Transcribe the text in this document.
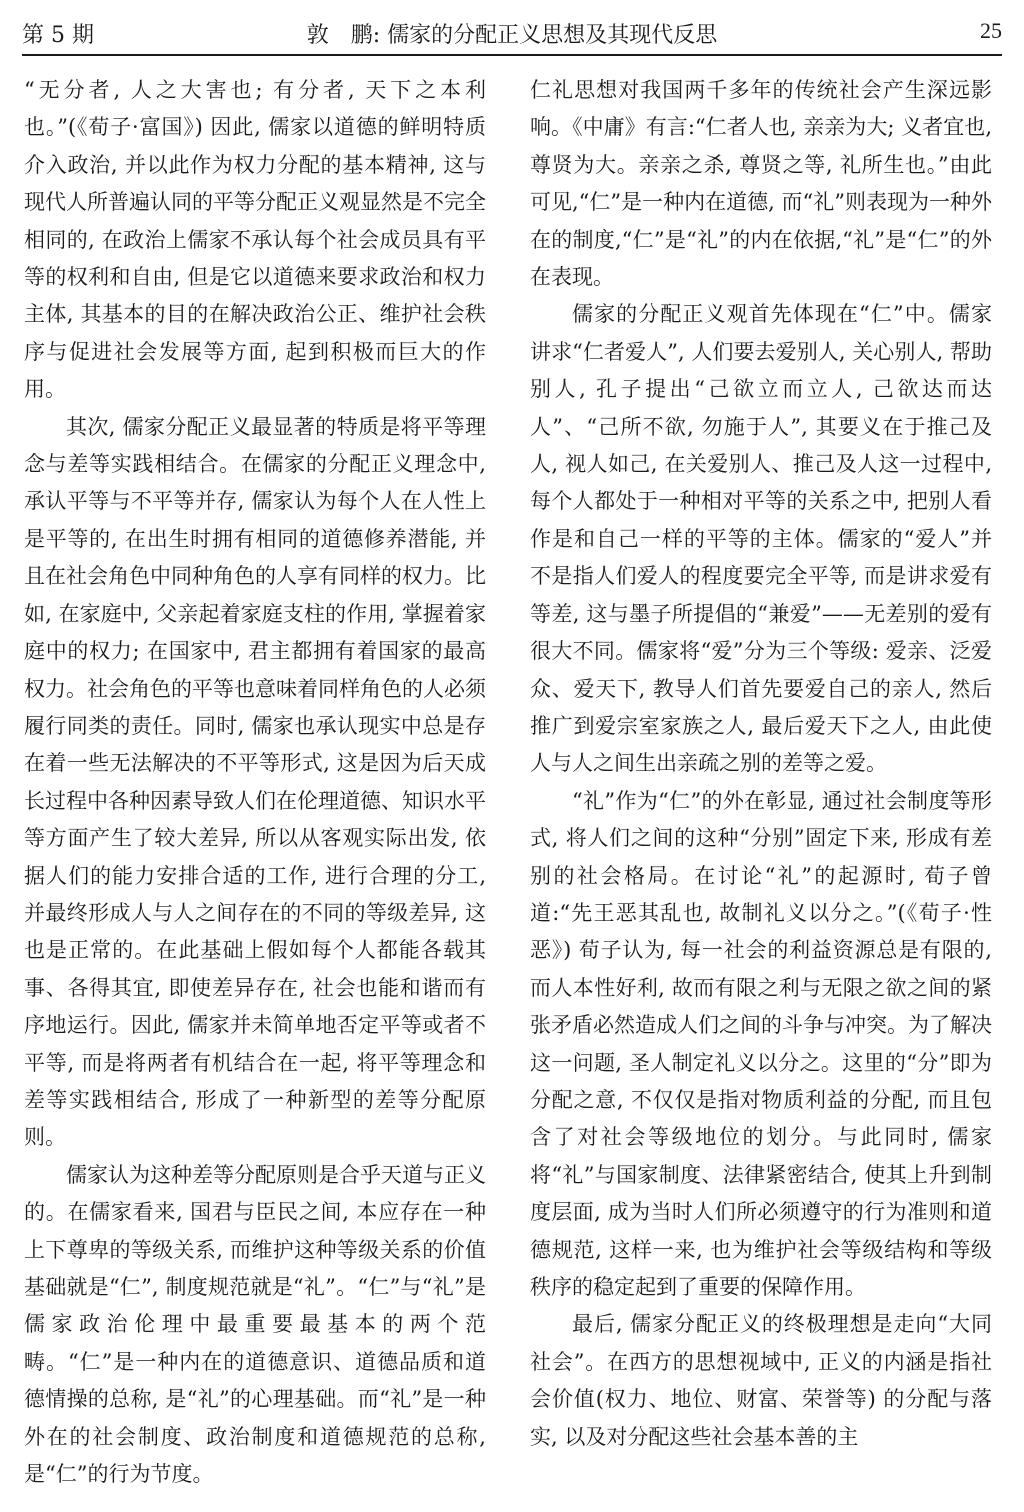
第 5 期	敦　鹏: 儒家的分配正义思想及其现代反思	25

“无分者, 人之大害也; 有分者, 天下之本利也。”(《荀子·富国》) 因此, 儒家以道德的鲜明特质介入政治, 并以此作为权力分配的基本精神, 这与现代人所普遍认同的平等分配正义观显然是不完全相同的, 在政治上儒家不承认每个社会成员具有平等的权利和自由, 但是它以道德来要求政治和权力主体, 其基本的目的在解决政治公正、维护社会秩序与促进社会发展等方面, 起到积极而巨大的作用。

其次, 儒家分配正义最显著的特质是将平等理念与差等实践相结合。在儒家的分配正义理念中, 承认平等与不平等并存, 儒家认为每个人在人性上是平等的, 在出生时拥有相同的道德修养潜能, 并且在社会角色中同种角色的人享有同样的权力。比如, 在家庭中, 父亲起着家庭支柱的作用, 掌握着家庭中的权力; 在国家中, 君主都拥有着国家的最高权力。社会角色的平等也意味着同样角色的人必须履行同类的责任。同时, 儒家也承认现实中总是存在着一些无法解决的不平等形式, 这是因为后天成长过程中各种因素导致人们在伦理道德、知识水平等方面产生了较大差异, 所以从客观实际出发, 依据人们的能力安排合适的工作, 进行合理的分工, 并最终形成人与人之间存在的不同的等级差异, 这也是正常的。在此基础上假如每个人都能各载其事、各得其宜, 即使差异存在, 社会也能和谐而有序地运行。因此, 儒家并未简单地否定平等或者不平等, 而是将两者有机结合在一起, 将平等理念和差等实践相结合, 形成了一种新型的差等分配原则。

儒家认为这种差等分配原则是合乎天道与正义的。在儒家看来, 国君与臣民之间, 本应存在一种上下尊卑的等级关系, 而维护这种等级关系的价值基础就是“仁”, 制度规范就是“礼”。“仁”与“礼”是儒家政治伦理中最重要最基本的两个范畴。“仁”是一种内在的道德意识、道德品质和道德情操的总称, 是“礼”的心理基础。而“礼”是一种外在的社会制度、政治制度和道德规范的总称, 是“仁”的行为节度。

仁礼思想对我国两千多年的传统社会产生深远影响。《中庸》有言:“仁者人也, 亲亲为大; 义者宜也, 尊贤为大。亲亲之杀, 尊贤之等, 礼所生也。”由此可见,“仁”是一种内在道德, 而“礼”则表现为一种外在的制度,“仁”是“礼”的内在依据,“礼”是“仁”的外在表现。

儒家的分配正义观首先体现在“仁”中。儒家讲求“仁者爱人”, 人们要去爱别人, 关心别人, 帮助别人, 孔子提出“己欲立而立人, 己欲达而达人”、“己所不欲, 勿施于人”, 其要义在于推己及人, 视人如己, 在关爱别人、推己及人这一过程中, 每个人都处于一种相对平等的关系之中, 把别人看作是和自己一样的平等的主体。儒家的“爱人”并不是指人们爱人的程度要完全平等, 而是讲求爱有等差, 这与墨子所提倡的“兼爱”——无差别的爱有很大不同。儒家将“爱”分为三个等级: 爱亲、泛爱众、爱天下, 教导人们首先要爱自己的亲人, 然后推广到爱宗室家族之人, 最后爱天下之人, 由此使人与人之间生出亲疏之别的差等之爱。

“礼”作为“仁”的外在彰显, 通过社会制度等形式, 将人们之间的这种“分别”固定下来, 形成有差别的社会格局。在讨论“礼”的起源时, 荀子曾道:“先王恶其乱也, 故制礼义以分之。”(《荀子·性恶》) 荀子认为, 每一社会的利益资源总是有限的, 而人本性好利, 故而有限之利与无限之欲之间的紧张矛盾必然造成人们之间的斗争与冲突。为了解决这一问题, 圣人制定礼义以分之。这里的“分”即为分配之意, 不仅仅是指对物质利益的分配, 而且包含了对社会等级地位的划分。与此同时, 儒家将“礼”与国家制度、法律紧密结合, 使其上升到制度层面, 成为当时人们所必须遵守的行为准则和道德规范, 这样一来, 也为维护社会等级结构和等级秩序的稳定起到了重要的保障作用。

最后, 儒家分配正义的终极理想是走向“大同社会”。在西方的思想视域中, 正义的内涵是指社会价值(权力、地位、财富、荣誉等) 的分配与落实, 以及对分配这些社会基本善的主
